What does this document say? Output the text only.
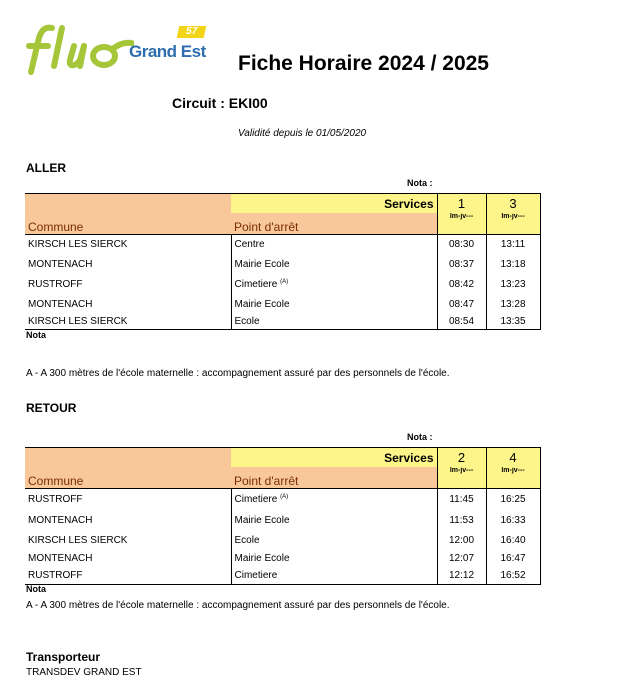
57
Grand Est
Fiche Horaire 2024 / 2025
Circuit : EKI00
Validité depuis le 01/05/2020
ALLER
Nota :
	Services	1	3
Commune	Point d'arrêt	lm-jv---	lm-jv---
KIRSCH LES SIERCK	Centre	08:30	13:11
MONTENACH	Mairie Ecole	08:37	13:18
RUSTROFF	Cimetiere $^{(A)}$	08:42	13:23
MONTENACH	Mairie Ecole	08:47	13:28
KIRSCH LES SIERCK	Ecole	08:54	13:35
Nota
A - A 300 mètres de l'école maternelle : accompagnement assuré par des personnels de l'école.
RETOUR
Nota :
	Services	2	4
Commune	Point d'arrêt	lm-jv---	lm-jv---
RUSTROFF	Cimetiere $^{(A)}$	11:45	16:25
MONTENACH	Mairie Ecole	11:53	16:33
KIRSCH LES SIERCK	Ecole	12:00	16:40
MONTENACH	Mairie Ecole	12:07	16:47
RUSTROFF	Cimetiere	12:12	16:52
Nota
A - A 300 mètres de l'école maternelle : accompagnement assuré par des personnels de l'école.
Transporteur
TRANSDEV GRAND EST
